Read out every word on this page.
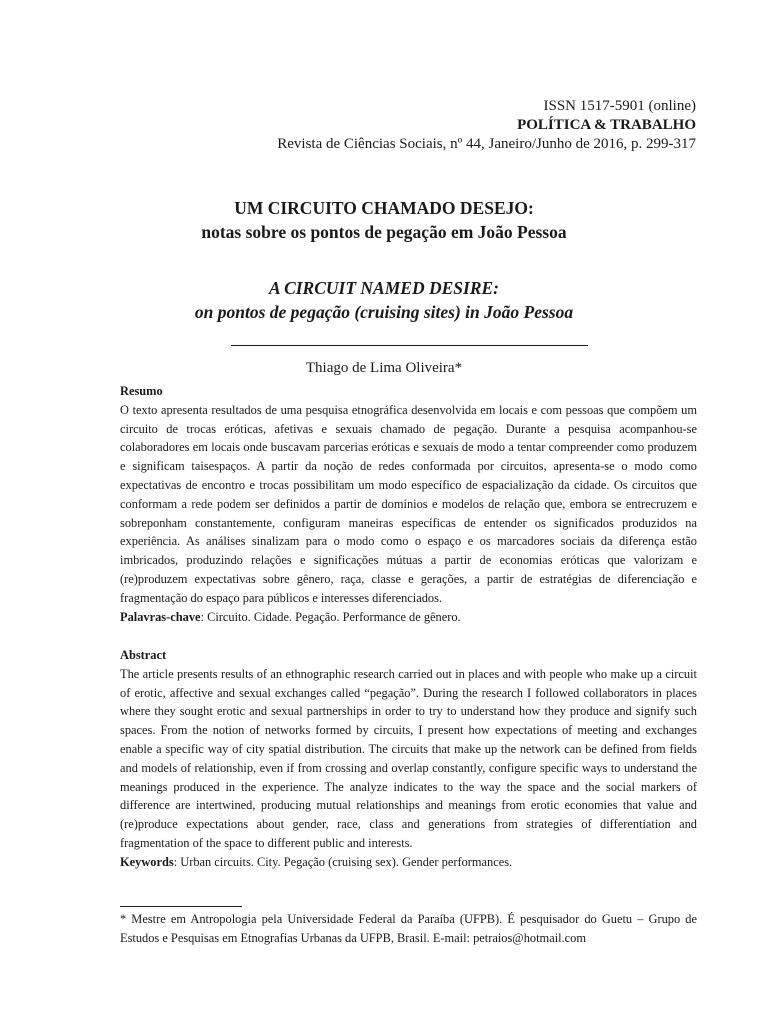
ISSN 1517-5901 (online)
POLÍTICA & TRABALHO
Revista de Ciências Sociais, nº 44, Janeiro/Junho de 2016, p. 299-317
UM CIRCUITO CHAMADO DESEJO:
notas sobre os pontos de pegação em João Pessoa
A CIRCUIT NAMED DESIRE:
on pontos de pegação (cruising sites) in João Pessoa
Thiago de Lima Oliveira*
Resumo

O texto apresenta resultados de uma pesquisa etnográfica desenvolvida em locais e com pessoas que compõem um circuito de trocas eróticas, afetivas e sexuais chamado de pegação. Durante a pesquisa acompanhou-se colaboradores em locais onde buscavam parcerias eróticas e sexuais de modo a tentar compreender como produzem e significam taisespaços. A partir da noção de redes conformada por circuitos, apresenta-se o modo como expectativas de encontro e trocas possibilitam um modo específico de espacialização da cidade. Os circuitos que conformam a rede podem ser definidos a partir de domínios e modelos de relação que, embora se entrecruzem e sobreponham constantemente, configuram maneiras específicas de entender os significados produzidos na experiência. As análises sinalizam para o modo como o espaço e os marcadores sociais da diferença estão imbricados, produzindo relações e significações mútuas a partir de economias eróticas que valorizam e (re)produzem expectativas sobre gênero, raça, classe e gerações, a partir de estratégias de diferenciação e fragmentação do espaço para públicos e interesses diferenciados.

Palavras-chave: Circuito. Cidade. Pegação. Performance de gênero.

Abstract

The article presents results of an ethnographic research carried out in places and with people who make up a circuit of erotic, affective and sexual exchanges called “pegação”. During the research I followed collaborators in places where they sought erotic and sexual partnerships in order to try to understand how they produce and signify such spaces. From the notion of networks formed by circuits, I present how expectations of meeting and exchanges enable a specific way of city spatial distribution. The circuits that make up the network can be defined from fields and models of relationship, even if from crossing and overlap constantly, configure specific ways to understand the meanings produced in the experience. The analyze indicates to the way the space and the social markers of difference are intertwined, producing mutual relationships and meanings from erotic economies that value and (re)produce expectations about gender, race, class and generations from strategies of differentiation and fragmentation of the space to different public and interests.

Keywords: Urban circuits. City. Pegação (cruising sex). Gender performances.

* Mestre em Antropologia pela Universidade Federal da Paraíba (UFPB). É pesquisador do Guetu – Grupo de Estudos e Pesquisas em Etnografias Urbanas da UFPB, Brasil. E-mail: petraios@hotmail.com
